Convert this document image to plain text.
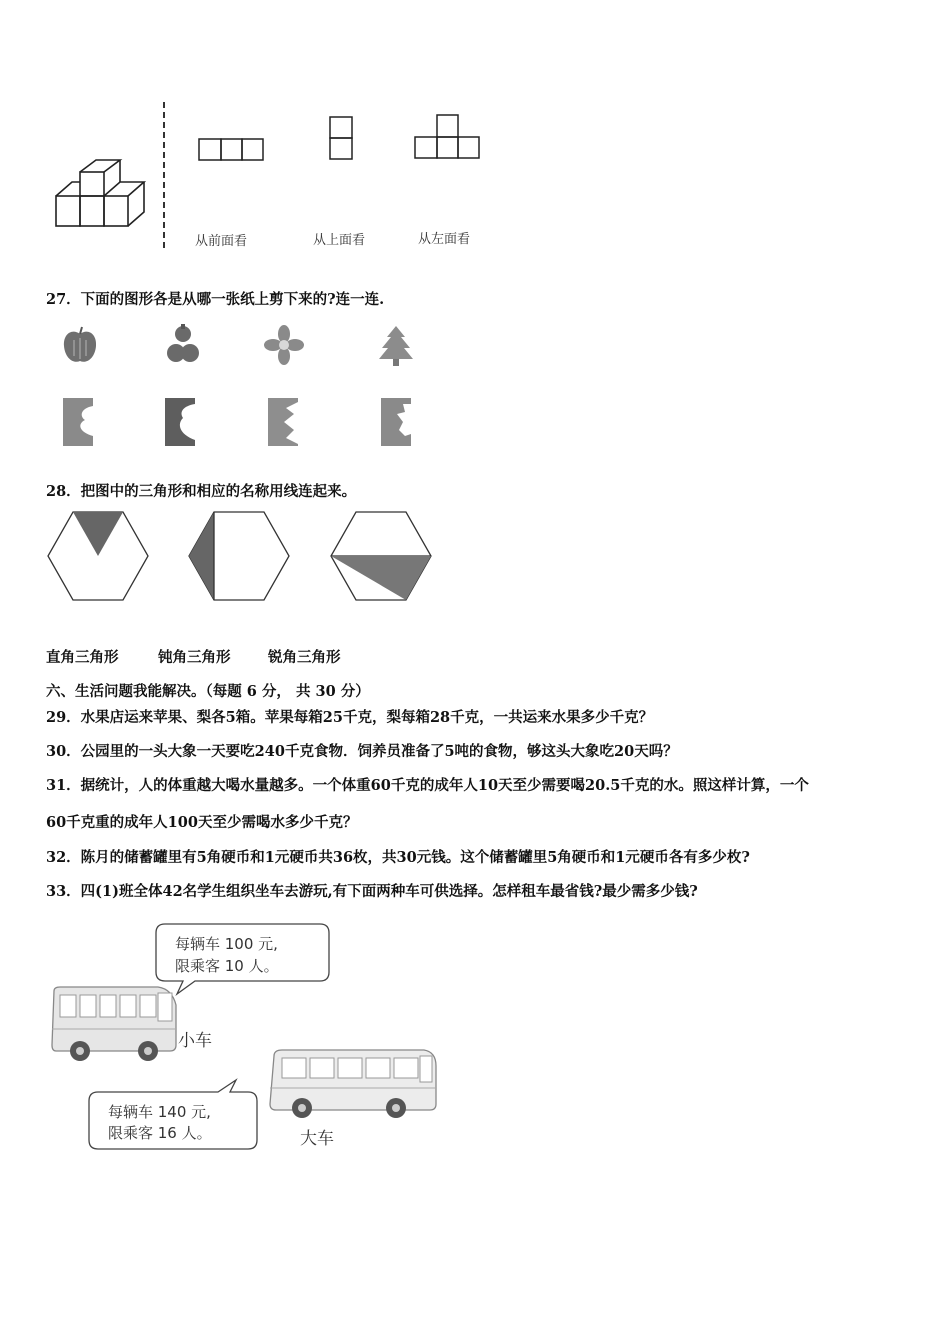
从前面看	从上面看	从左面看
27．下面的图形各是从哪一张纸上剪下来的?连一连.
28．把图中的三角形和相应的名称用线连起来。
直角三角形	钝角三角形	锐角三角形
六、生活问题我能解决。（每题 6 分， 共 30 分）
29．水果店运来苹果、梨各5箱。苹果每箱25千克，梨每箱28千克，一共运来水果多少千克？
30．公园里的一头大象一天要吃240千克食物．饲养员准备了5吨的食物，够这头大象吃20天吗？
31．据统计，人的体重越大喝水量越多。一个体重60千克的成年人10天至少需要喝20.5千克的水。照这样计算，一个
60千克重的成年人100天至少需喝水多少千克？
32．陈月的储蓄罐里有5角硬币和1元硬币共36枚，共30元钱。这个储蓄罐里5角硬币和1元硬币各有多少枚?
33．四(1)班全体42名学生组织坐车去游玩,有下面两种车可供选择。怎样租车最省钱?最少需多少钱?
每辆车 100 元,
限乘客 10 人。
小车
每辆车 140 元,
限乘客 16 人。	大车
